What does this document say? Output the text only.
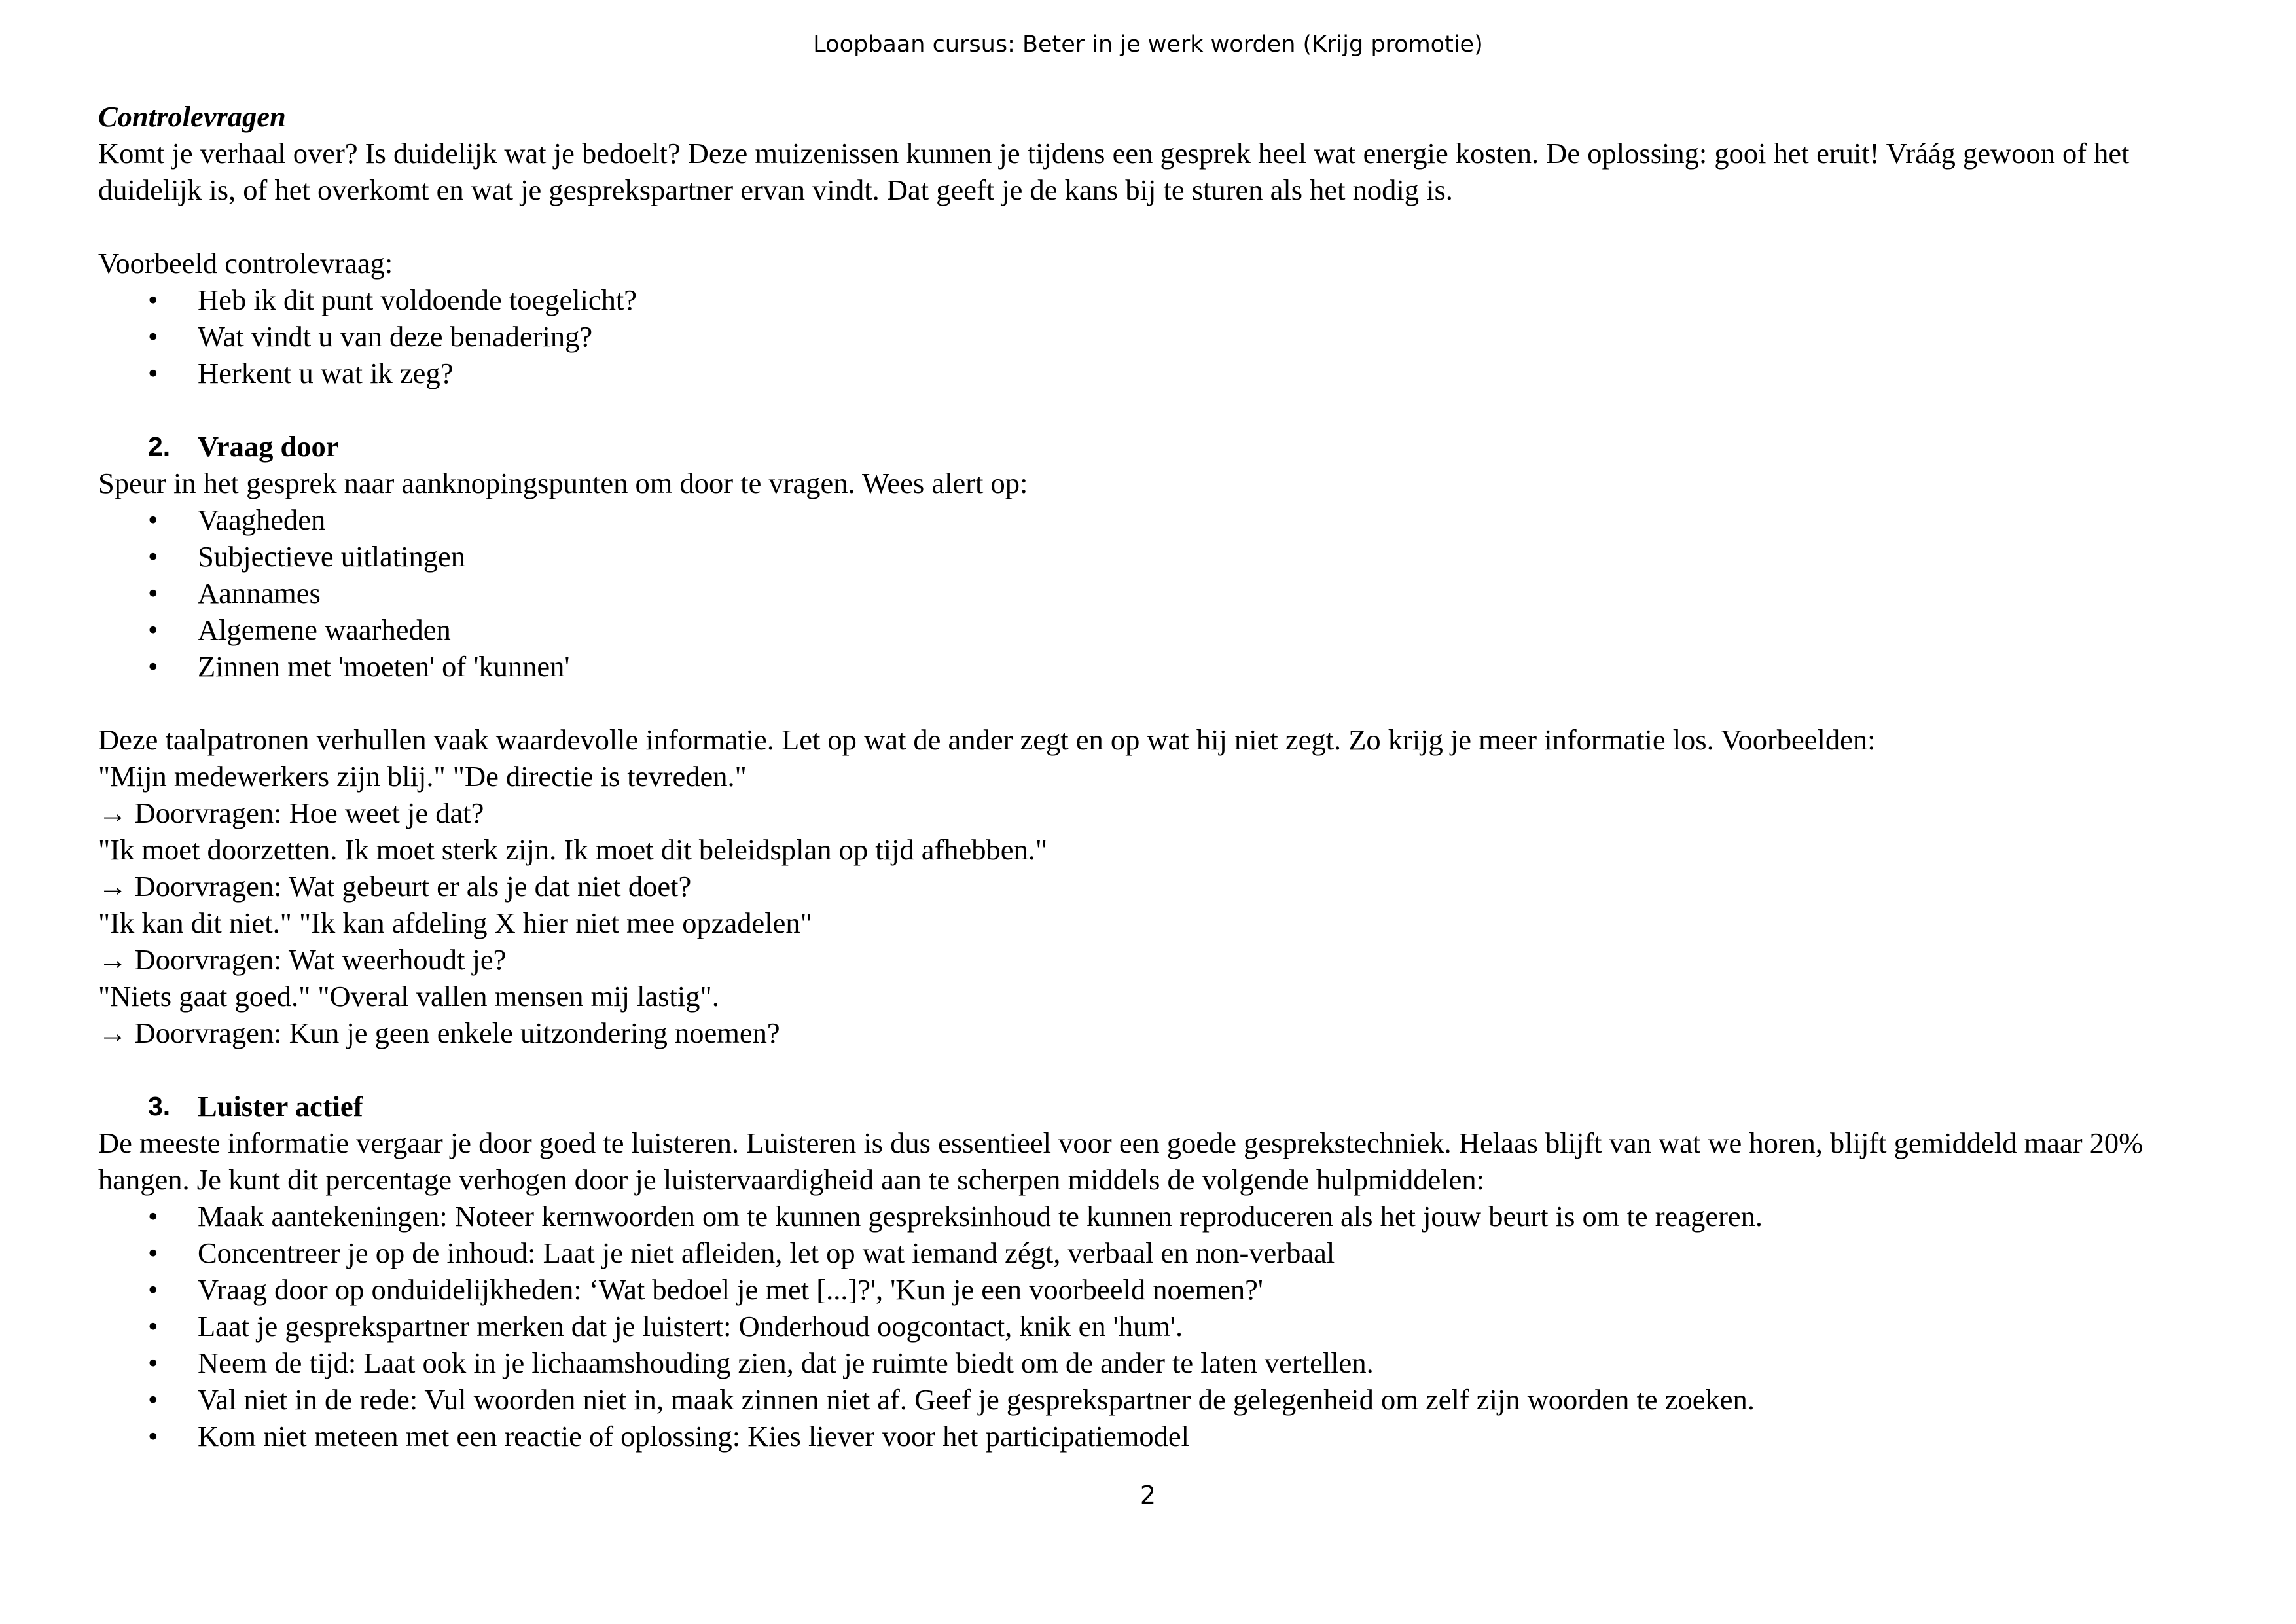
Loopbaan cursus: Beter in je werk worden (Krijg promotie)

Controlevragen

Komt je verhaal over? Is duidelijk wat je bedoelt? Deze muizenissen kunnen je tijdens een gesprek heel wat energie kosten. De oplossing: gooi het eruit! Vráág gewoon of het duidelijk is, of het overkomt en wat je gesprekspartner ervan vindt. Dat geeft je de kans bij te sturen als het nodig is.

Voorbeeld controlevraag:

• Heb ik dit punt voldoende toegelicht?
• Wat vindt u van deze benadering?
• Herkent u wat ik zeg?

2. Vraag door

Speur in het gesprek naar aanknopingspunten om door te vragen. Wees alert op:

• Vaagheden
• Subjectieve uitlatingen
• Aannames
• Algemene waarheden
• Zinnen met 'moeten' of 'kunnen'

Deze taalpatronen verhullen vaak waardevolle informatie. Let op wat de ander zegt en op wat hij niet zegt. Zo krijg je meer informatie los. Voorbeelden:

"Mijn medewerkers zijn blij." "De directie is tevreden."

→ Doorvragen: Hoe weet je dat?

"Ik moet doorzetten. Ik moet sterk zijn. Ik moet dit beleidsplan op tijd afhebben."

→ Doorvragen: Wat gebeurt er als je dat niet doet?

"Ik kan dit niet." "Ik kan afdeling X hier niet mee opzadelen"

→ Doorvragen: Wat weerhoudt je?

"Niets gaat goed." "Overal vallen mensen mij lastig".

→ Doorvragen: Kun je geen enkele uitzondering noemen?

3. Luister actief

De meeste informatie vergaar je door goed te luisteren. Luisteren is dus essentieel voor een goede gesprekstechniek. Helaas blijft van wat we horen, blijft gemiddeld maar 20% hangen. Je kunt dit percentage verhogen door je luistervaardigheid aan te scherpen middels de volgende hulpmiddelen:

• Maak aantekeningen: Noteer kernwoorden om te kunnen gespreksinhoud te kunnen reproduceren als het jouw beurt is om te reageren.
• Concentreer je op de inhoud: Laat je niet afleiden, let op wat iemand zégt, verbaal en non-verbaal
• Vraag door op onduidelijkheden: ‘Wat bedoel je met [...]?', 'Kun je een voorbeeld noemen?'
• Laat je gesprekspartner merken dat je luistert: Onderhoud oogcontact, knik en 'hum'.
• Neem de tijd: Laat ook in je lichaamshouding zien, dat je ruimte biedt om de ander te laten vertellen.
• Val niet in de rede: Vul woorden niet in, maak zinnen niet af. Geef je gesprekspartner de gelegenheid om zelf zijn woorden te zoeken.
• Kom niet meteen met een reactie of oplossing: Kies liever voor het participatiemodel
2
